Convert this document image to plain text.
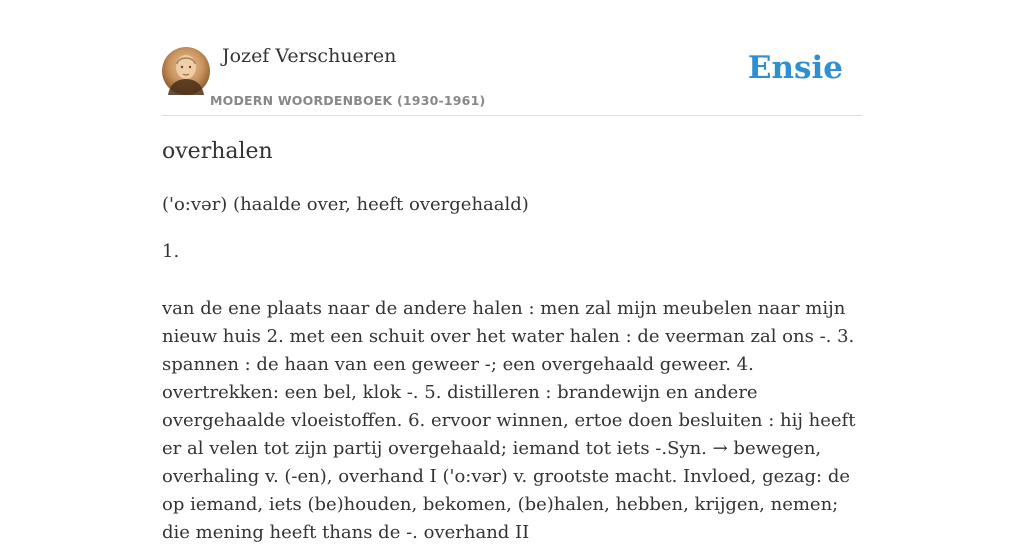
Jozef Verschueren
MODERN WOORDENBOEK (1930-1961)
Ensie
overhalen
('o:vər) (haalde over, heeft overgehaald)
1.

van de ene plaats naar de andere halen : men zal mijn meubelen naar mijn nieuw huis 2. met een schuit over het water halen : de veerman zal ons -. 3. spannen : de haan van een geweer -; een overgehaald geweer. 4. overtrekken: een bel, klok -. 5. distilleren : brandewijn en andere overgehaalde vloeistoffen. 6. ervoor winnen, ertoe doen besluiten : hij heeft er al velen tot zijn partij overgehaald; iemand tot iets -.Syn. → bewegen, overhaling v. (-en), overhand I ('o:vər) v. grootste macht. Invloed, gezag: de op iemand, iets (be)houden, bekomen, (be)halen, hebben, krijgen, nemen; die mening heeft thans de -. overhand II
